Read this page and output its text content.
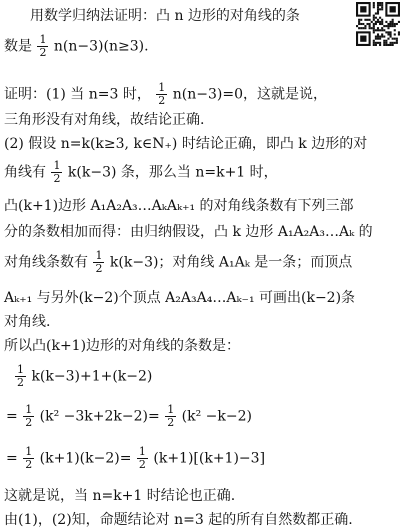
用数学归纳法证明：凸 n 边形的对角线的条
数是 $\frac{1}{2} n(n-3)(n\ge 3)$.
证明：(1) 当 n=3 时， $\frac{1}{2} n(n-3)=0$，这就是说，
三角形没有对角线，故结论正确.
(2) 假设 n=k(k≥3, k∈N₊) 时结论正确，即凸 k 边形的对
角线有 $\frac{1}{2} k(k-3)$ 条，那么当 n=k+1 时，
凸(k+1)边形 A₁A₂A₃…AₖAₖ₊₁ 的对角线条数有下列三部
分的条数相加而得：由归纳假设，凸 k 边形 A₁A₂A₃…Aₖ 的
对角线条数有 $\frac{1}{2} k(k-3)$；对角线 A₁Aₖ 是一条；而顶点
Aₖ₊₁ 与另外(k−2)个顶点 A₂A₃A₄…Aₖ₋₁ 可画出(k−2)条
对角线.
所以凸(k+1)边形的对角线的条数是：
$\frac{1}{2} k(k-3)+1+(k-2)$
= $\frac{1}{2} (k^2 -3k+2k-2)= \frac{1}{2} (k^2 -k-2)$
= $\frac{1}{2} (k+1)(k-2)= \frac{1}{2} (k+1)[(k+1)-3]$
这就是说，当 n=k+1 时结论也正确.
由(1)，(2)知，命题结论对 n=3 起的所有自然数都正确.
